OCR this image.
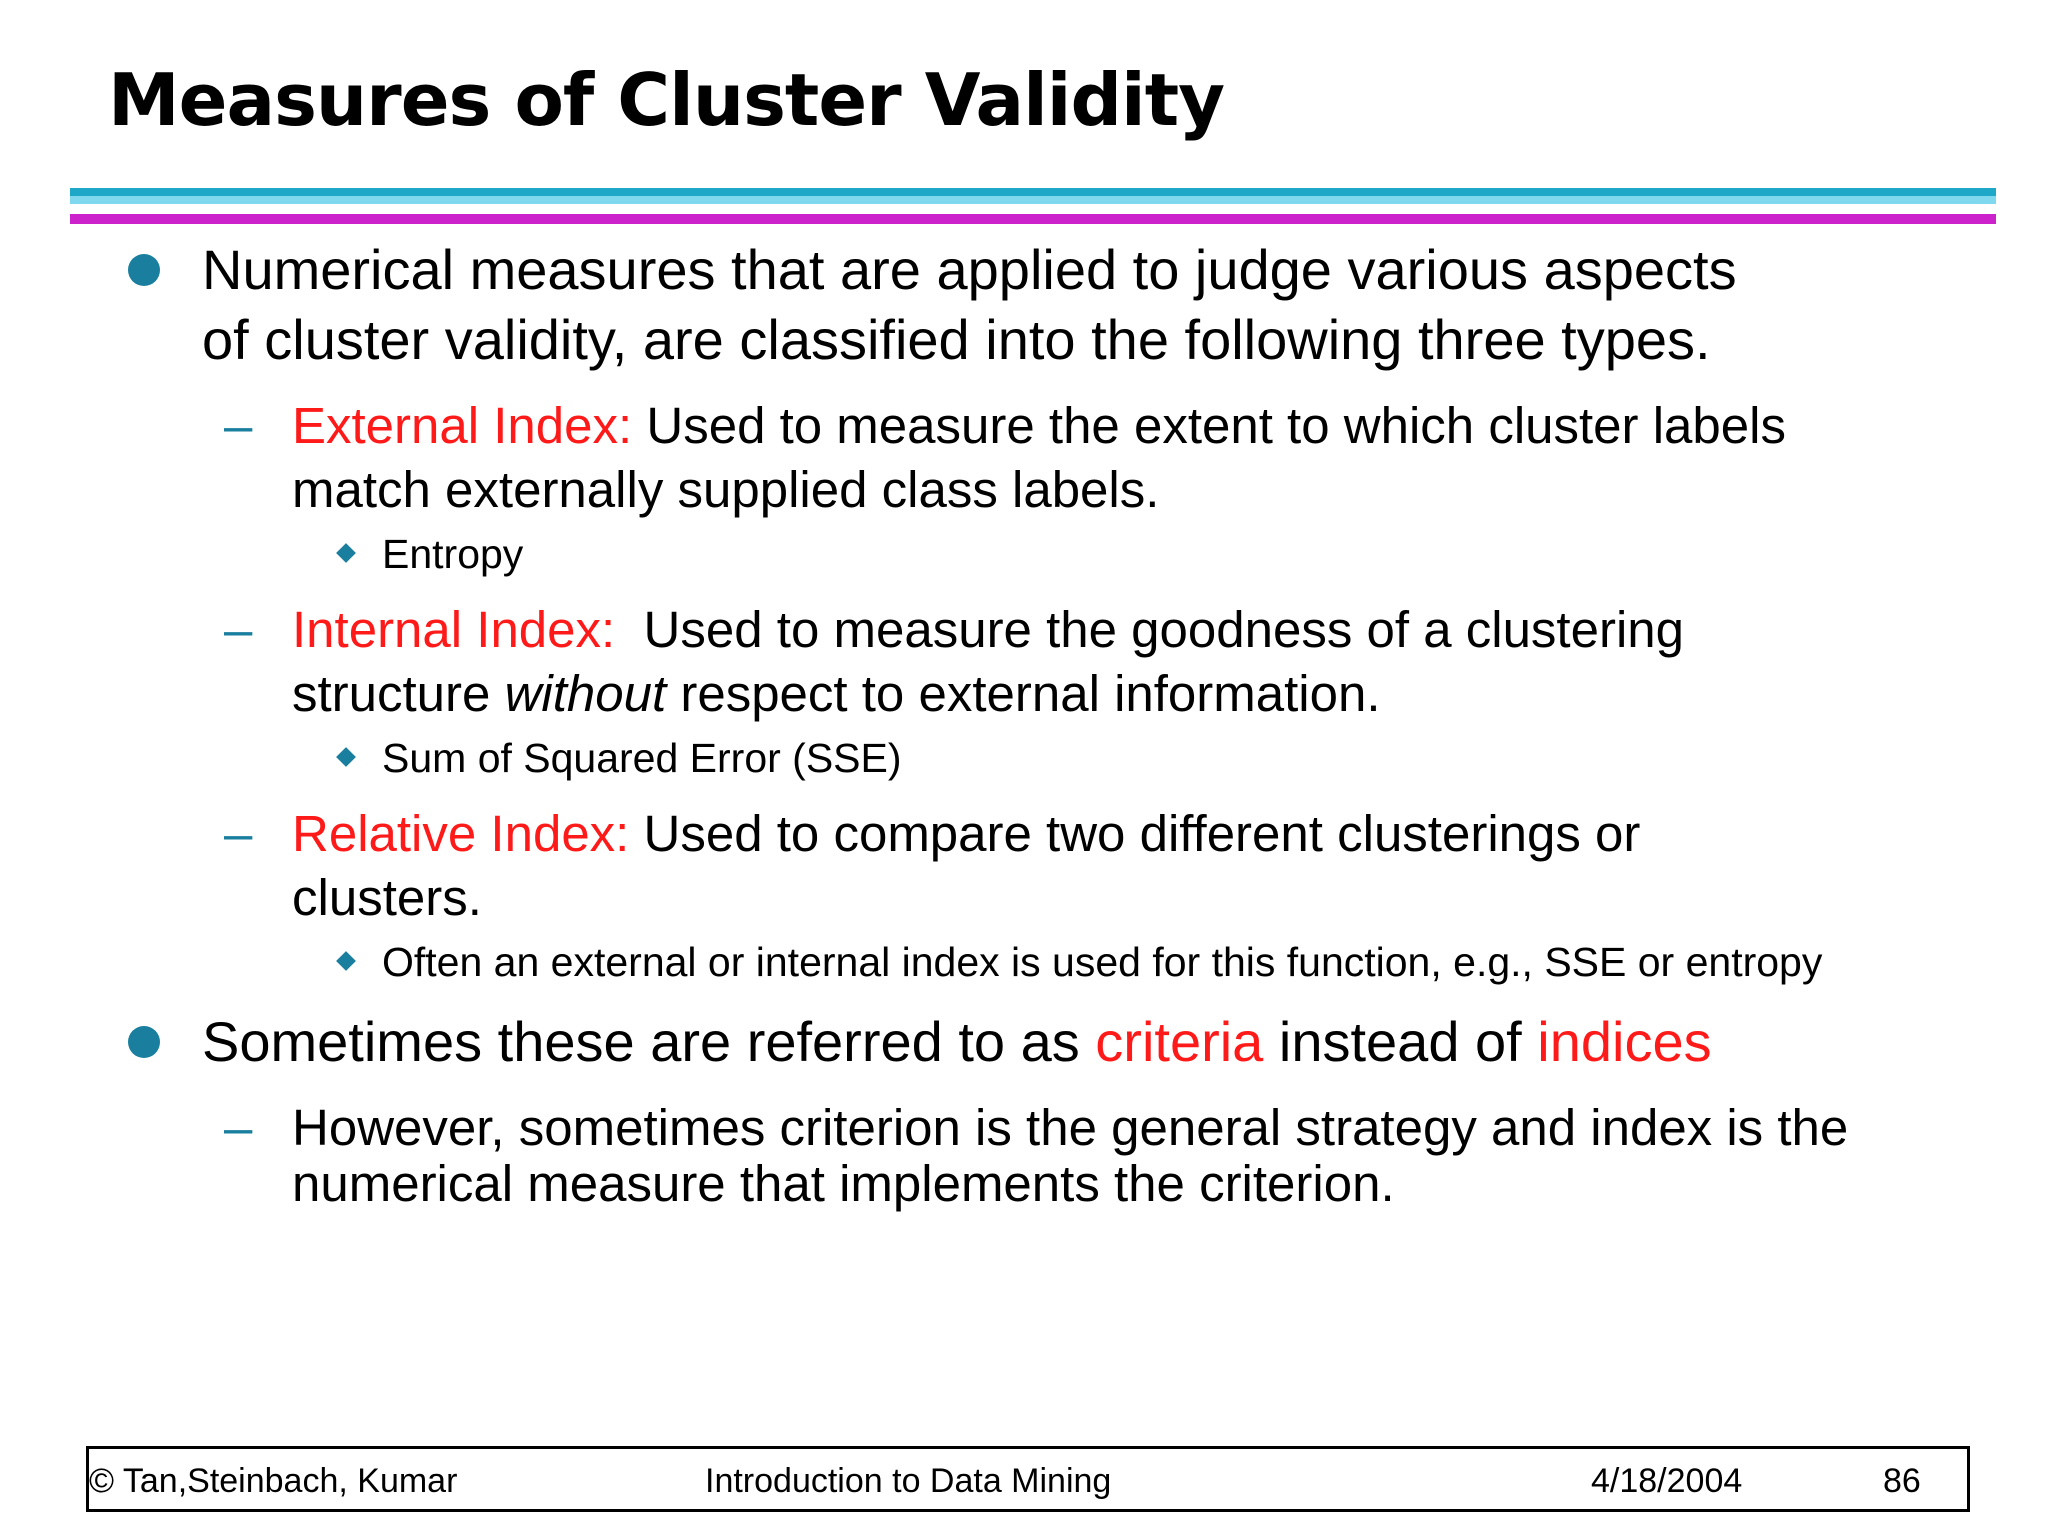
Measures of Cluster Validity
Numerical measures that are applied to judge various aspects
of cluster validity, are classified into the following three types.
– External Index: Used to measure the extent to which cluster labels
match externally supplied class labels.
Entropy
– Internal Index:  Used to measure the goodness of a clustering
structure without respect to external information.
Sum of Squared Error (SSE)
– Relative Index: Used to compare two different clusterings or
clusters.
Often an external or internal index is used for this function, e.g., SSE or entropy
Sometimes these are referred to as criteria instead of indices
– However, sometimes criterion is the general strategy and index is the
numerical measure that implements the criterion.
© Tan,Steinbach, Kumar	Introduction to Data Mining	4/18/2004	86
